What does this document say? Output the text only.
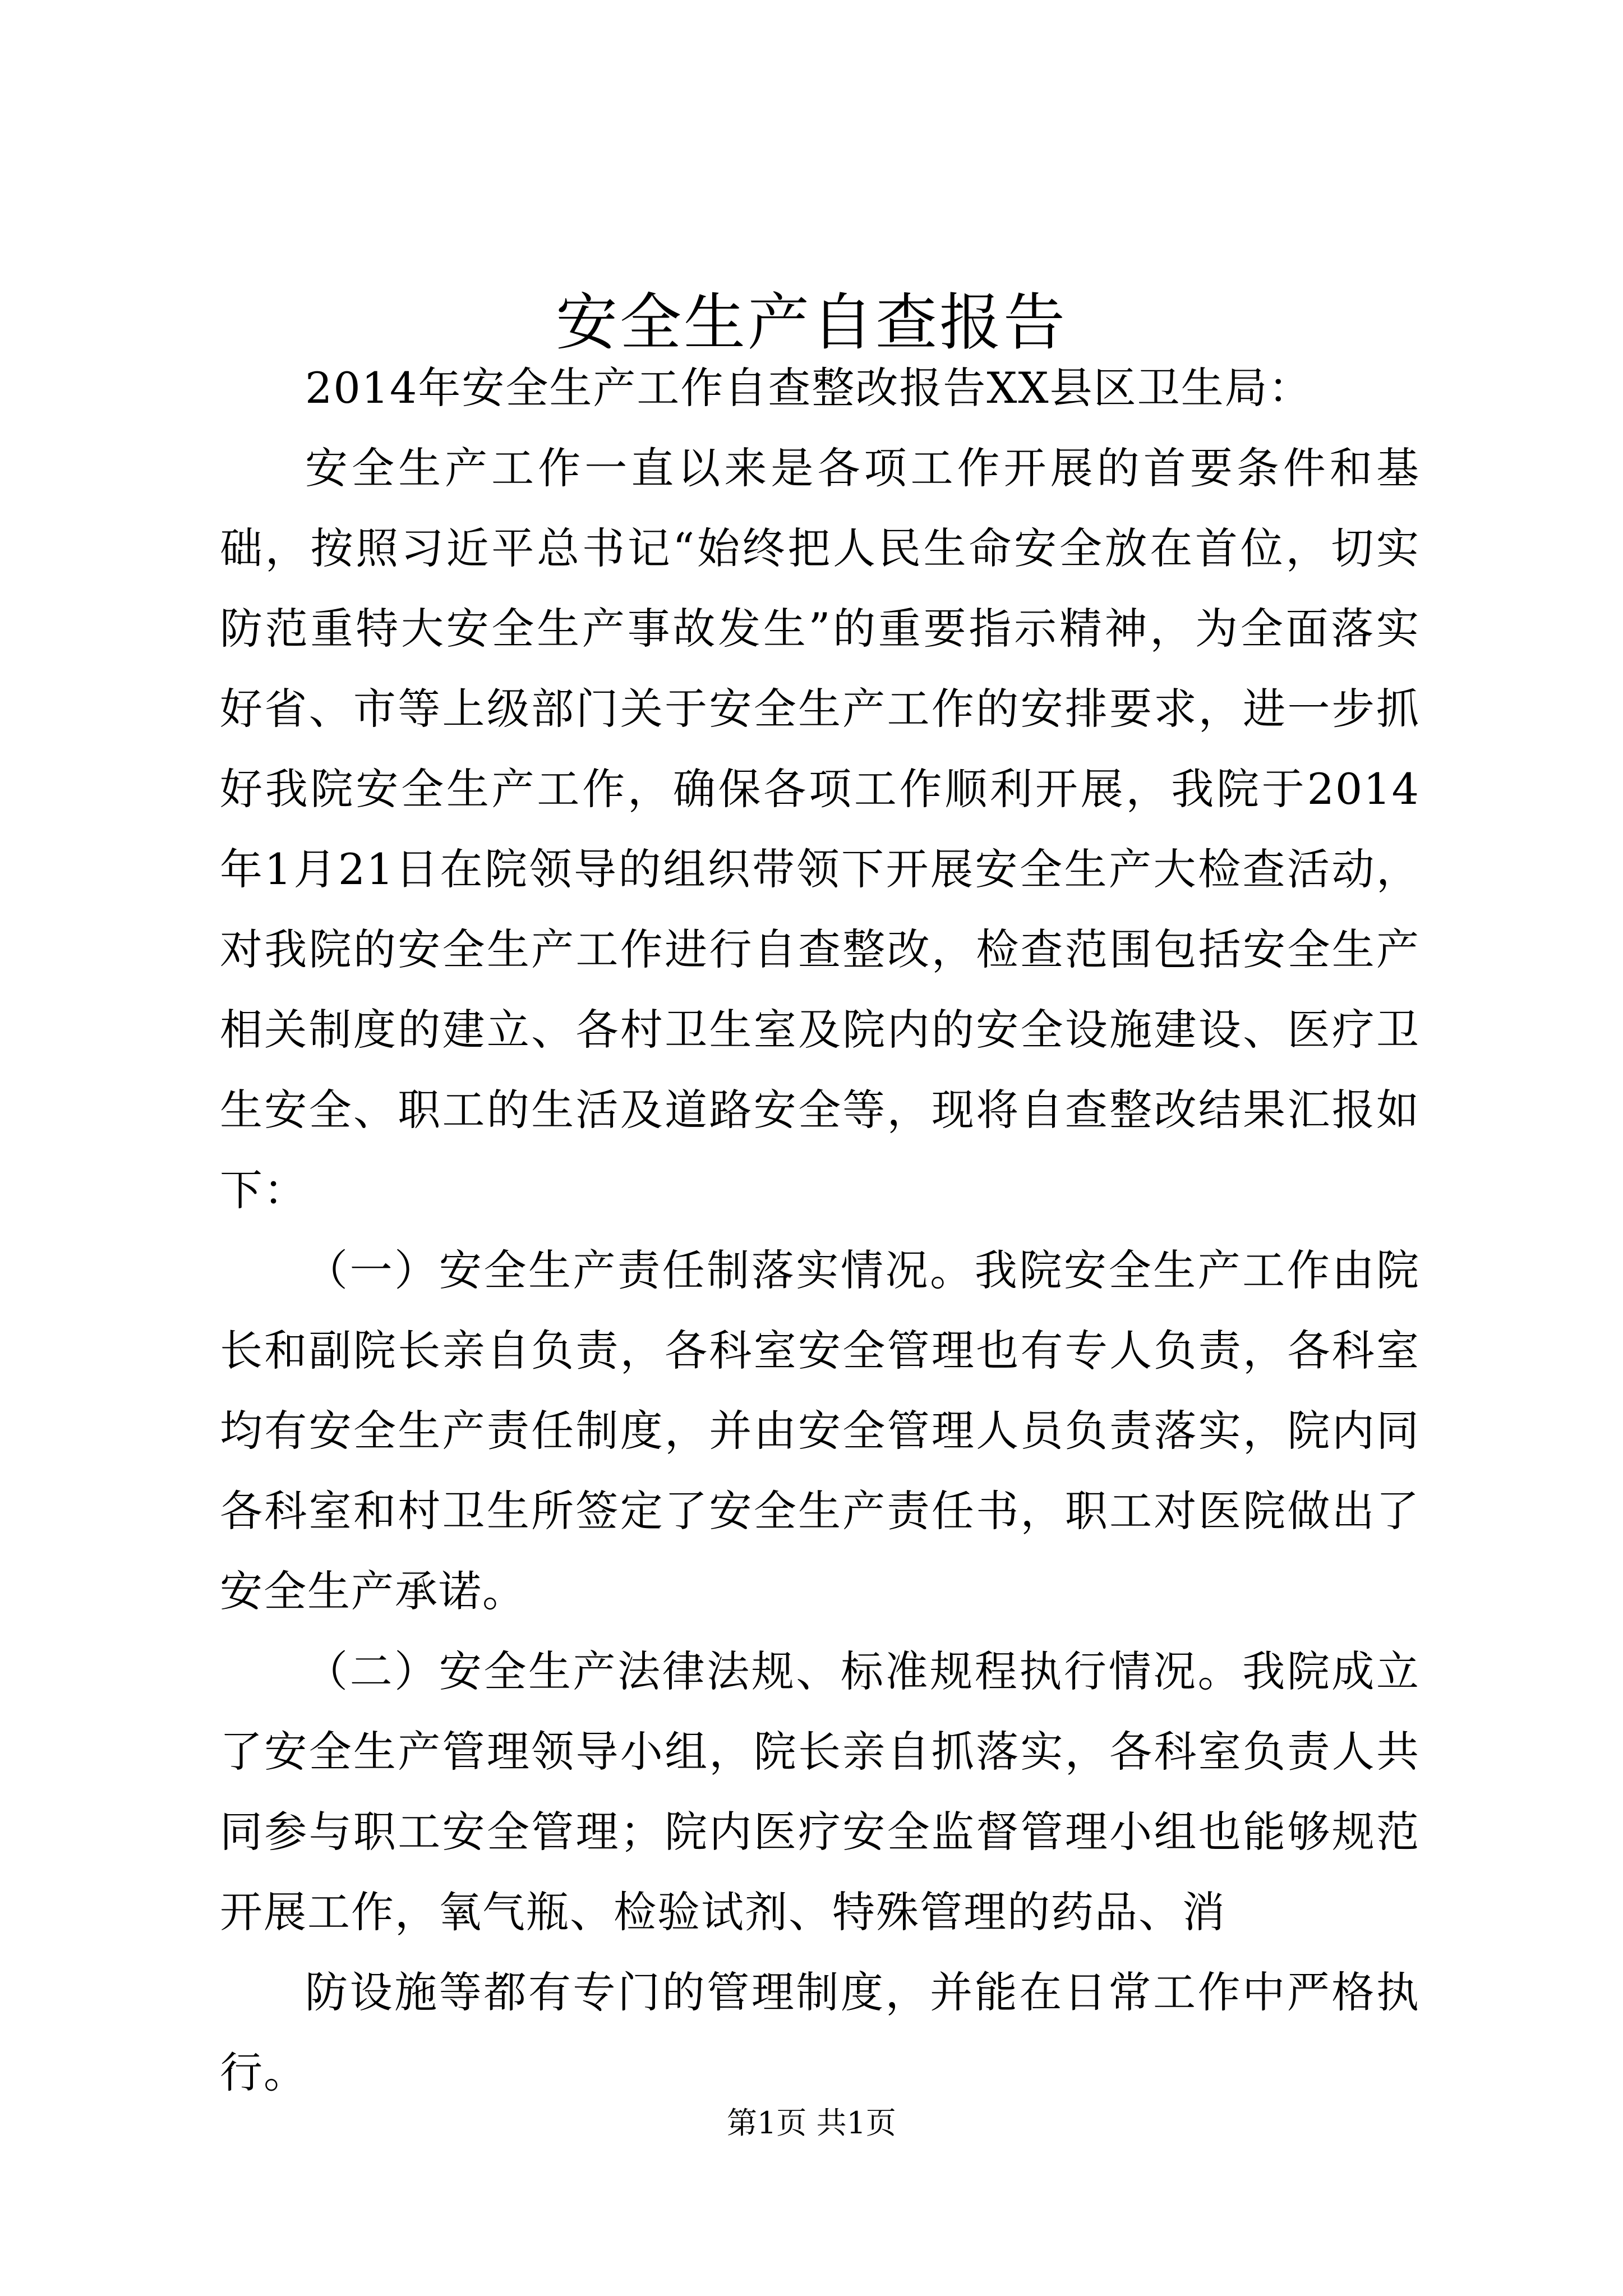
安全生产自查报告

2014年安全生产工作自查整改报告XX县区卫生局：

安全生产工作一直以来是各项工作开展的首要条件和基础，按照习近平总书记“始终把人民生命安全放在首位，切实防范重特大安全生产事故发生”的重要指示精神，为全面落实好省、市等上级部门关于安全生产工作的安排要求，进一步抓好我院安全生产工作，确保各项工作顺利开展，我院于2014年1月21日在院领导的组织带领下开展安全生产大检查活动，对我院的安全生产工作进行自查整改，检查范围包括安全生产相关制度的建立、各村卫生室及院内的安全设施建设、医疗卫生安全、职工的生活及道路安全等，现将自查整改结果汇报如下：

（一）安全生产责任制落实情况。我院安全生产工作由院长和副院长亲自负责，各科室安全管理也有专人负责，各科室均有安全生产责任制度，并由安全管理人员负责落实，院内同各科室和村卫生所签定了安全生产责任书，职工对医院做出了安全生产承诺。

（二）安全生产法律法规、标准规程执行情况。我院成立了安全生产管理领导小组，院长亲自抓落实，各科室负责人共同参与职工安全管理；院内医疗安全监督管理小组也能够规范开展工作，氧气瓶、检验试剂、特殊管理的药品、消

防设施等都有专门的管理制度，并能在日常工作中严格执行。

第1页 共1页
